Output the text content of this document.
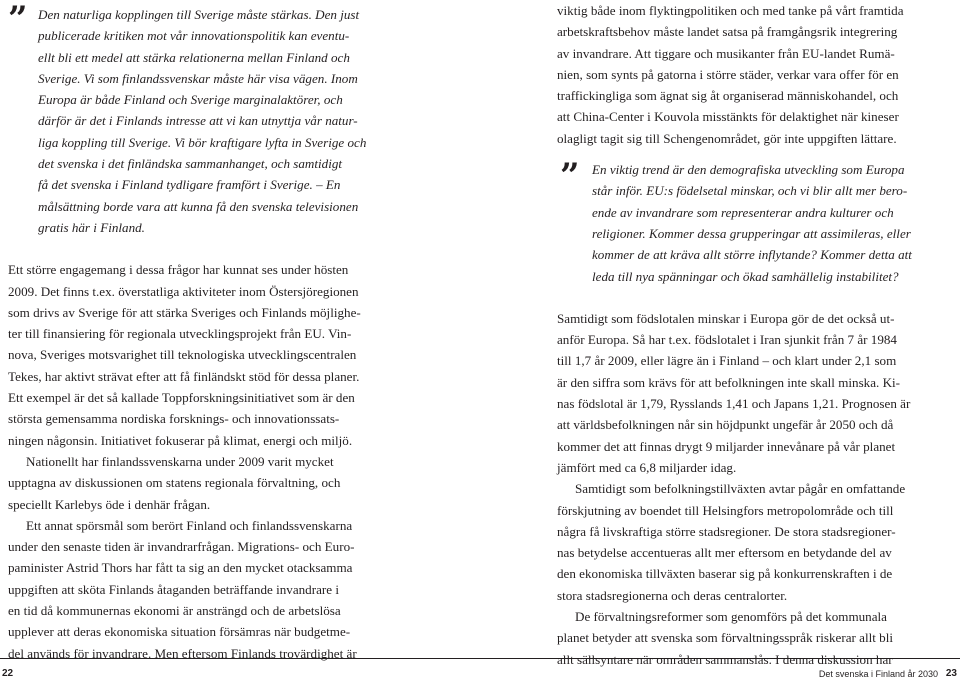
” Den naturliga kopplingen till Sverige måste stärkas. Den just
publicerade kritiken mot vår innovationspolitik kan eventu-
ellt bli ett medel att stärka relationerna mellan Finland och
Sverige. Vi som finlandssvenskar måste här visa vägen. Inom
Europa är både Finland och Sverige marginalaktörer, och
därför är det i Finlands intresse att vi kan utnyttja vår natur-
liga koppling till Sverige. Vi bör kraftigare lyfta in Sverige och
det svenska i det finländska sammanhanget, och samtidigt
få det svenska i Finland tydligare framfört i Sverige. – En
målsättning borde vara att kunna få den svenska televisionen
gratis här i Finland.
Ett större engagemang i dessa frågor har kunnat ses under hösten
2009. Det finns t.ex. överstatliga aktiviteter inom Östersjöregionen
som drivs av Sverige för att stärka Sveriges och Finlands möjlighe-
ter till finansiering för regionala utvecklingsprojekt från EU. Vin-
nova, Sveriges motsvarighet till teknologiska utvecklingscentralen
Tekes, har aktivt strävat efter att få finländskt stöd för dessa planer.
Ett exempel är det så kallade Toppforskningsinitiativet som är den
största gemensamma nordiska forsknings- och innovationssats-
ningen någonsin. Initiativet fokuserar på klimat, energi och miljö.
Nationellt har finlandssvenskarna under 2009 varit mycket
upptagna av diskussionen om statens regionala förvaltning, och
speciellt Karlebys öde i denhär frågan.
Ett annat spörsmål som berört Finland och finlandssvenskarna
under den senaste tiden är invandrarfrågan. Migrations- och Euro-
paminister Astrid Thors har fått ta sig an den mycket otacksamma
uppgiften att sköta Finlands åtaganden beträffande invandrare i
en tid då kommunernas ekonomi är ansträngd och de arbetslösa
upplever att deras ekonomiska situation försämras när budgetme-
del används för invandrare. Men eftersom Finlands trovärdighet är
viktig både inom flyktingpolitiken och med tanke på vårt framtida
arbetskraftsbehov måste landet satsa på framgångsrik integrering
av invandrare. Att tiggare och musikanter från EU-landet Rumä-
nien, som synts på gatorna i större städer, verkar vara offer för en
traffickingliga som ägnat sig åt organiserad människohandel, och
att China-Center i Kouvola misstänkts för delaktighet när kineser
olagligt tagit sig till Schengenområdet, gör inte uppgiften lättare.
” En viktig trend är den demografiska utveckling som Europa
står inför. EU:s födelsetal minskar, och vi blir allt mer bero-
ende av invandrare som representerar andra kulturer och
religioner. Kommer dessa grupperingar att assimileras, eller
kommer de att kräva allt större inflytande? Kommer detta att
leda till nya spänningar och ökad samhällelig instabilitet?
Samtidigt som födslotalen minskar i Europa gör de det också ut-
anför Europa. Så har t.ex. födslotalet i Iran sjunkit från 7 år 1984
till 1,7 år 2009, eller lägre än i Finland – och klart under 2,1 som
är den siffra som krävs för att befolkningen inte skall minska. Ki-
nas födslotal är 1,79, Rysslands 1,41 och Japans 1,21. Prognosen är
att världsbefolkningen når sin höjdpunkt ungefär år 2050 och då
kommer det att finnas drygt 9 miljarder innevånare på vår planet
jämfört med ca 6,8 miljarder idag.
Samtidigt som befolkningstillväxten avtar pågår en omfattande
förskjutning av boendet till Helsingfors metropolområde och till
några få livskraftiga större stadsregioner. De stora stadsregioner-
nas betydelse accentueras allt mer eftersom en betydande del av
den ekonomiska tillväxten baserar sig på konkurrenskraften i de
stora stadsregionerna och deras centralorter.
De förvaltningsreformer som genomförs på det kommunala
planet betyder att svenska som förvaltningsspråk riskerar allt bli
allt sällsyntare när områden sammanslås. I denna diskussion har
22	Det svenska i Finland år 2030 23
